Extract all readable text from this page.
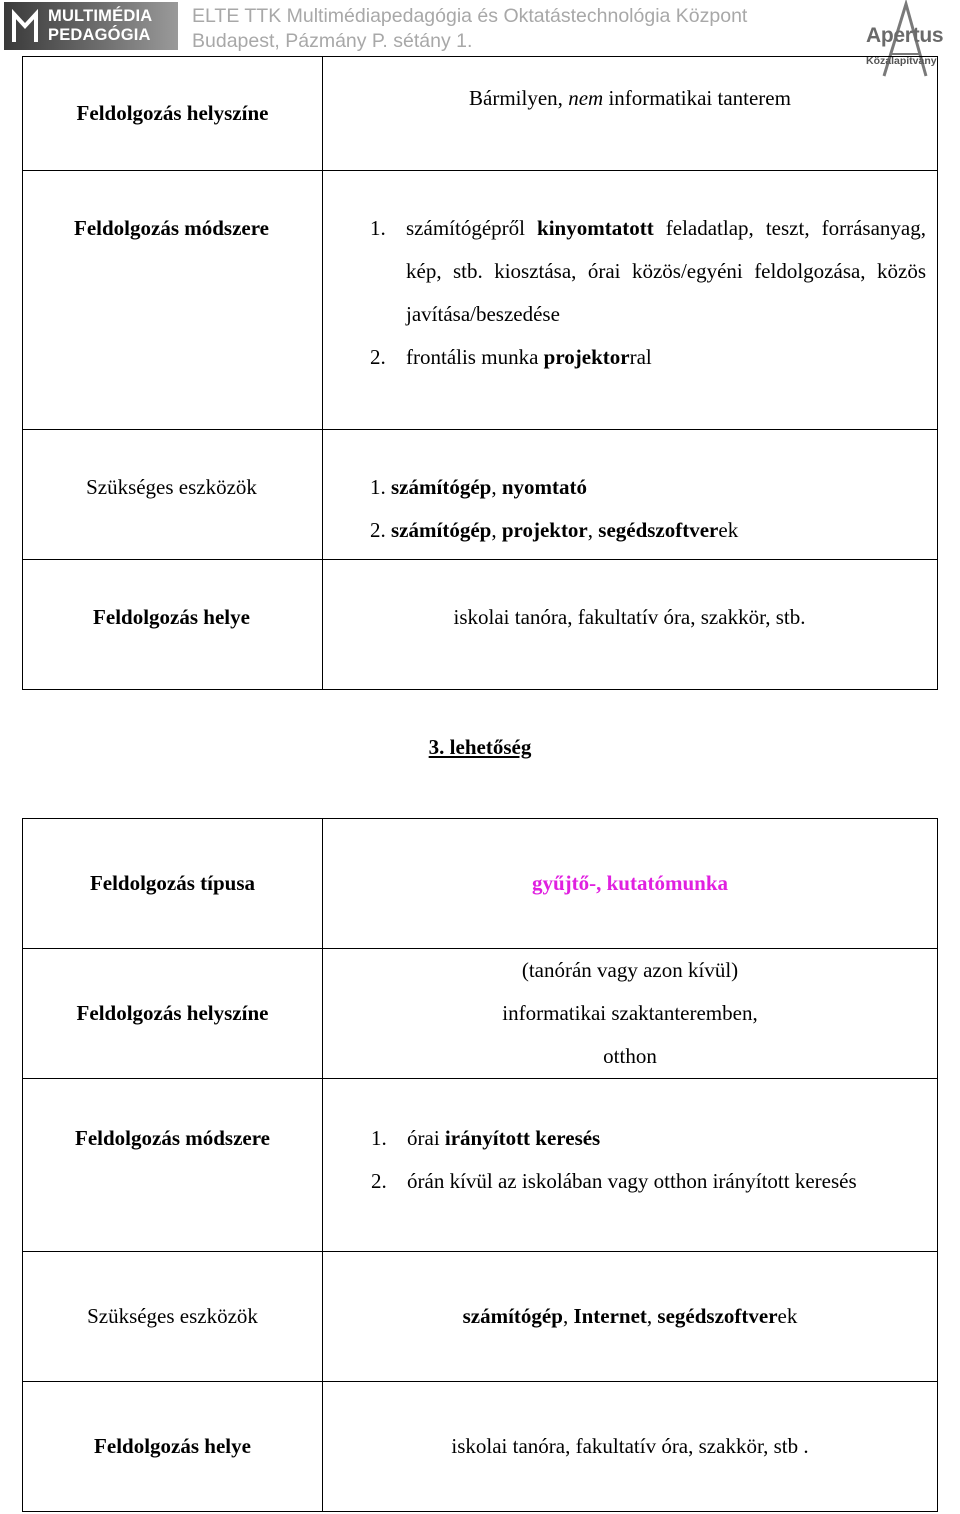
MULTIMÉDIA
PEDAGÓGIA
ELTE TTK Multimédiapedagógia és Oktatástechnológia Központ
Budapest, Pázmány P. sétány 1.	Apertus
Közalapítvány
Feldolgozás helyszíne	Bármilyen, nem informatikai tanterem

Feldolgozás módszere	1. számítógépről kinyomtatott feladatlap, teszt, forrásanyag, kép, stb. kiosztása, órai közös/egyéni feldolgozása, közös javítása/beszedése
2. frontális munka projektorral
Szükséges eszközök	1. számítógép, nyomtató
2. számítógép, projektor, segédszoftverek
Feldolgozás helye	iskolai tanóra, fakultatív óra, szakkör, stb.
3. lehetőség
Feldolgozás típusa	gyűjtő-, kutatómunka
Feldolgozás helyszíne	(tanórán vagy azon kívül)
informatikai szaktanteremben,
otthon

Feldolgozás módszere	1. órai irányított keresés
2. órán kívül az iskolában vagy otthon irányított keresés

Szükséges eszközök	számítógép, Internet, segédszoftverek
Feldolgozás helye	iskolai tanóra, fakultatív óra, szakkör, stb .
